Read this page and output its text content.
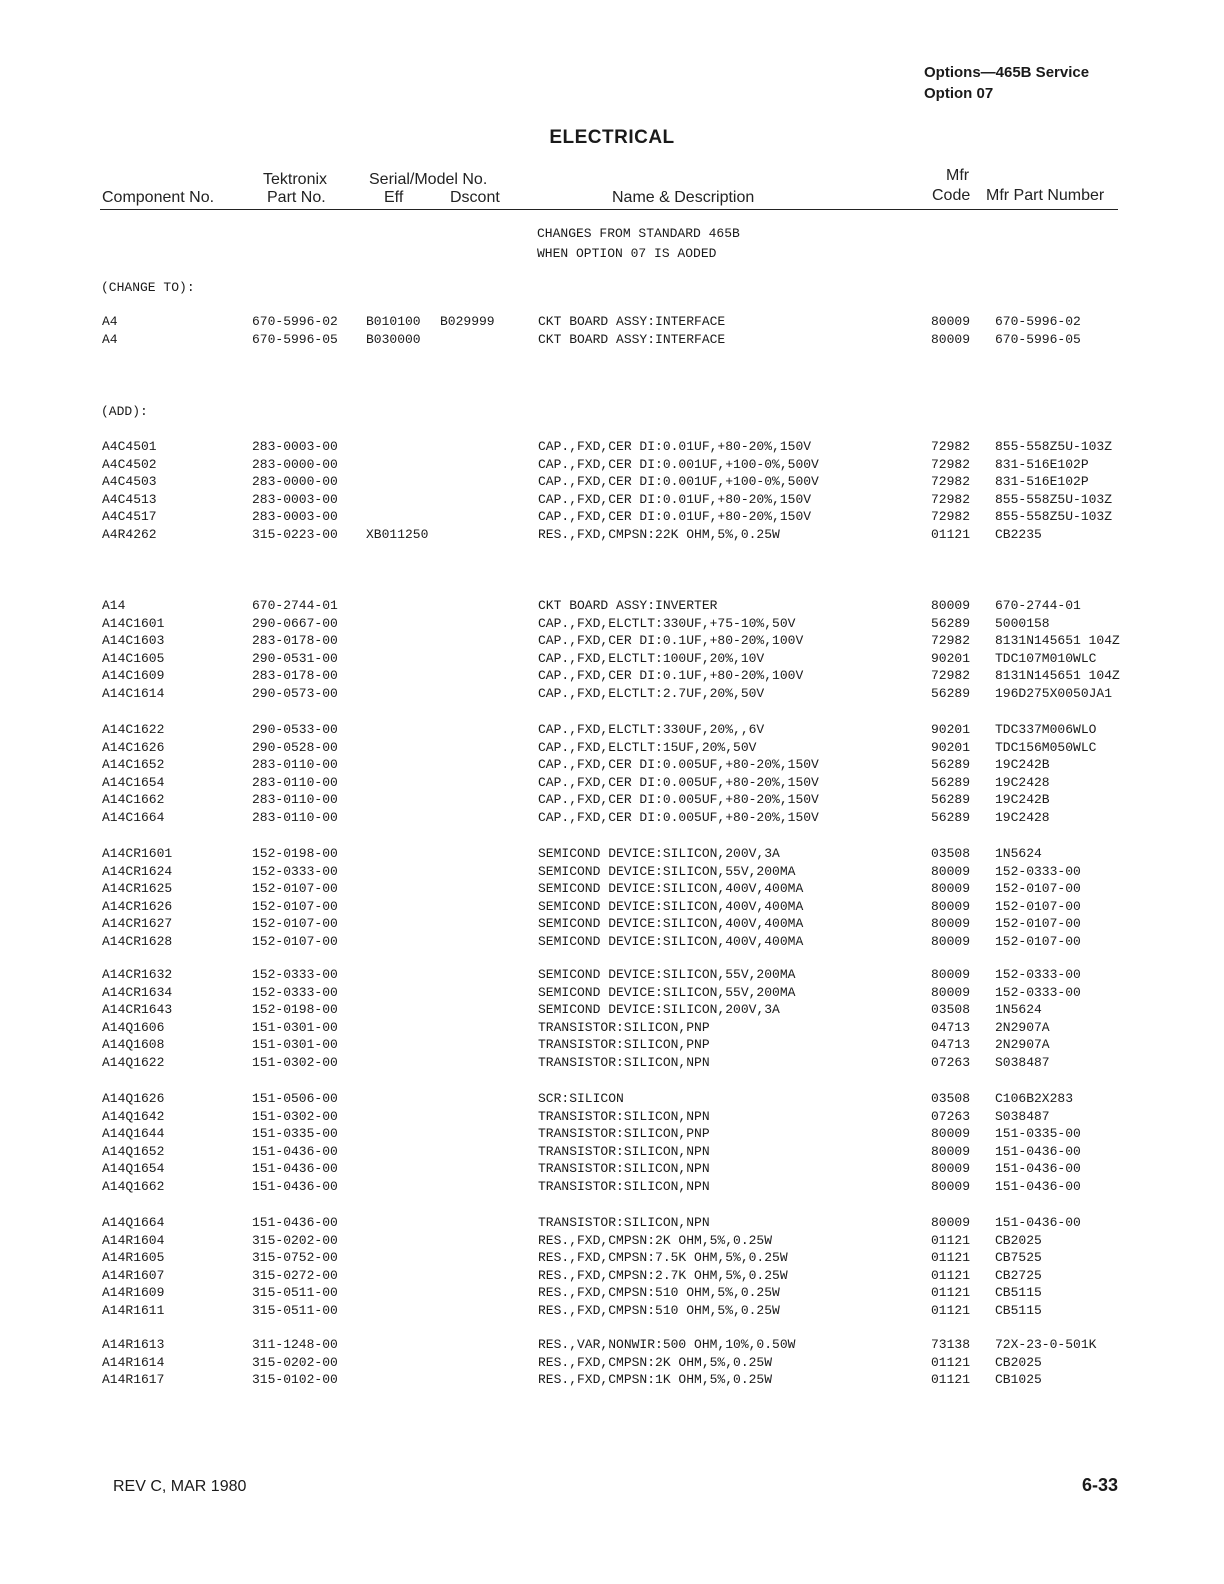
Options—465B Service
Option 07
ELECTRICAL
Component No.
Tektronix
Part No.
Serial/Model No.
Eff	Dscont	Name & Description
Mfr
Code Mfr Part Number
CHANGES FROM STANDARD 465B
WHEN OPTION 07 IS AODED
(CHANGE TO):
(ADD):
A4	670-5996-02 B010100 B029999	CKT BOARD ASSY:INTERFACE	80009 670-5996-02
A4	670-5996-05 B030000	CKT BOARD ASSY:INTERFACE	80009 670-5996-05
A4C4501	283-0003-00	CAP.,FXD,CER DI:0.01UF,+80-20%,150V	72982 855-558Z5U-103Z
A4C4502	283-0000-00	CAP.,FXD,CER DI:0.001UF,+100-0%,500V	72982 831-516E102P
A4C4503	283-0000-00	CAP.,FXD,CER DI:0.001UF,+100-0%,500V	72982 831-516E102P
A4C4513	283-0003-00	CAP.,FXD,CER DI:0.01UF,+80-20%,150V	72982 855-558Z5U-103Z
A4C4517	283-0003-00	CAP.,FXD,CER DI:0.01UF,+80-20%,150V	72982 855-558Z5U-103Z
A4R4262	315-0223-00 XB011250	RES.,FXD,CMPSN:22K OHM,5%,0.25W	01121 CB2235
A14	670-2744-01	CKT BOARD ASSY:INVERTER	80009 670-2744-01
A14C1601	290-0667-00	CAP.,FXD,ELCTLT:330UF,+75-10%,50V	56289 5000158
A14C1603	283-0178-00	CAP.,FXD,CER DI:0.1UF,+80-20%,100V	72982 8131N145651 104Z
A14C1605	290-0531-00	CAP.,FXD,ELCTLT:100UF,20%,10V	90201 TDC107M010WLC
A14C1609	283-0178-00	CAP.,FXD,CER DI:0.1UF,+80-20%,100V	72982 8131N145651 104Z
A14C1614	290-0573-00	CAP.,FXD,ELCTLT:2.7UF,20%,50V	56289 196D275X0050JA1
A14C1622	290-0533-00	CAP.,FXD,ELCTLT:330UF,20%,,6V	90201 TDC337M006WLO
A14C1626	290-0528-00	CAP.,FXD,ELCTLT:15UF,20%,50V	90201 TDC156M050WLC
A14C1652	283-0110-00	CAP.,FXD,CER DI:0.005UF,+80-20%,150V	56289 19C242B
A14C1654	283-0110-00	CAP.,FXD,CER DI:0.005UF,+80-20%,150V	56289 19C2428
A14C1662	283-0110-00	CAP.,FXD,CER DI:0.005UF,+80-20%,150V	56289 19C242B
A14C1664	283-0110-00	CAP.,FXD,CER DI:0.005UF,+80-20%,150V	56289 19C2428
A14CR1601	152-0198-00	SEMICOND DEVICE:SILICON,200V,3A	03508 1N5624
A14CR1624	152-0333-00	SEMICOND DEVICE:SILICON,55V,200MA	80009 152-0333-00
A14CR1625	152-0107-00	SEMICOND DEVICE:SILICON,400V,400MA	80009 152-0107-00
A14CR1626	152-0107-00	SEMICOND DEVICE:SILICON,400V,400MA	80009 152-0107-00
A14CR1627	152-0107-00	SEMICOND DEVICE:SILICON,400V,400MA	80009 152-0107-00
A14CR1628	152-0107-00	SEMICOND DEVICE:SILICON,400V,400MA	80009 152-0107-00
A14CR1632	152-0333-00	SEMICOND DEVICE:SILICON,55V,200MA	80009 152-0333-00
A14CR1634	152-0333-00	SEMICOND DEVICE:SILICON,55V,200MA	80009 152-0333-00
A14CR1643	152-0198-00	SEMICOND DEVICE:SILICON,200V,3A	03508 1N5624
A14Q1606	151-0301-00	TRANSISTOR:SILICON,PNP	04713 2N2907A
A14Q1608	151-0301-00	TRANSISTOR:SILICON,PNP	04713 2N2907A
A14Q1622	151-0302-00	TRANSISTOR:SILICON,NPN	07263 S038487
A14Q1626	151-0506-00	SCR:SILICON	03508 C106B2X283
A14Q1642	151-0302-00	TRANSISTOR:SILICON,NPN	07263 S038487
A14Q1644	151-0335-00	TRANSISTOR:SILICON,PNP	80009 151-0335-00
A14Q1652	151-0436-00	TRANSISTOR:SILICON,NPN	80009 151-0436-00
A14Q1654	151-0436-00	TRANSISTOR:SILICON,NPN	80009 151-0436-00
A14Q1662	151-0436-00	TRANSISTOR:SILICON,NPN	80009 151-0436-00
A14Q1664	151-0436-00	TRANSISTOR:SILICON,NPN	80009 151-0436-00
A14R1604	315-0202-00	RES.,FXD,CMPSN:2K OHM,5%,0.25W	01121 CB2025
A14R1605	315-0752-00	RES.,FXD,CMPSN:7.5K OHM,5%,0.25W	01121 CB7525
A14R1607	315-0272-00	RES.,FXD,CMPSN:2.7K OHM,5%,0.25W	01121 CB2725
A14R1609	315-0511-00	RES.,FXD,CMPSN:510 OHM,5%,0.25W	01121 CB5115
A14R1611	315-0511-00	RES.,FXD,CMPSN:510 OHM,5%,0.25W	01121 CB5115
A14R1613	311-1248-00	RES.,VAR,NONWIR:500 OHM,10%,0.50W	73138 72X-23-0-501K
A14R1614	315-0202-00	RES.,FXD,CMPSN:2K OHM,5%,0.25W	01121 CB2025
A14R1617	315-0102-00	RES.,FXD,CMPSN:1K OHM,5%,0.25W	01121 CB1025
REV C, MAR 1980	6-33
